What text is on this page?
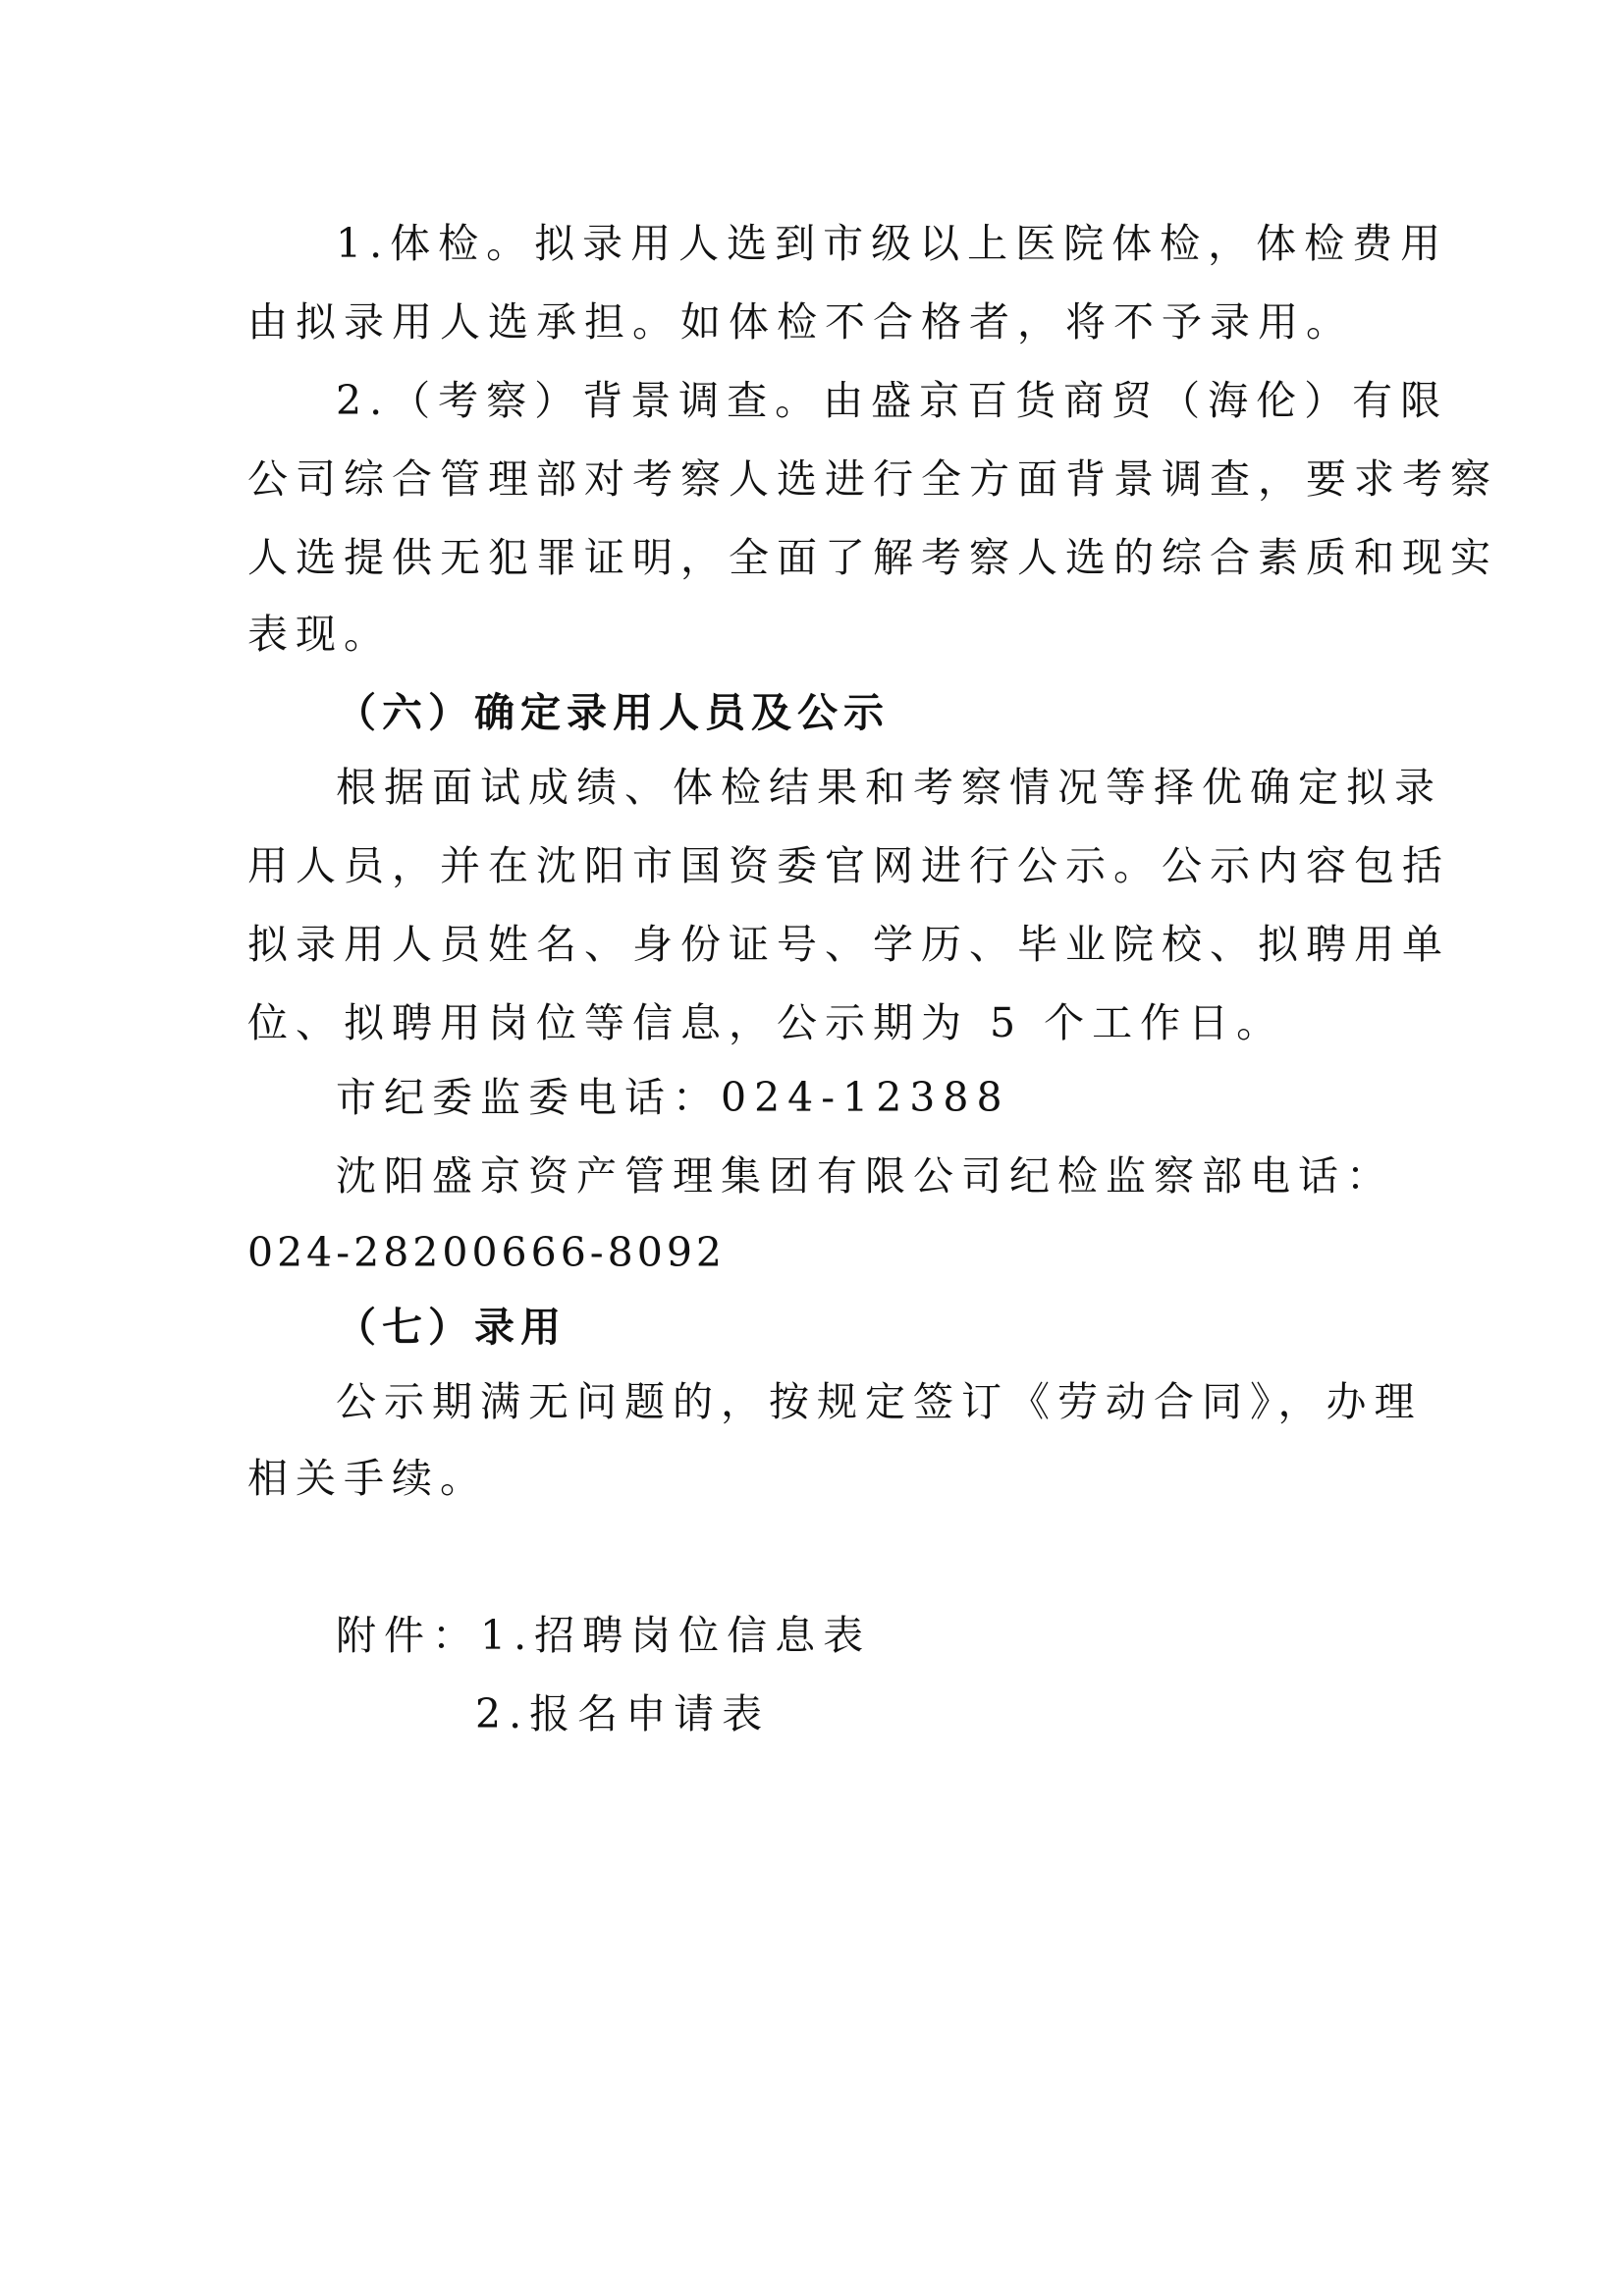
1.体检。拟录用人选到市级以上医院体检，体检费用
由拟录用人选承担。如体检不合格者，将不予录用。
2.（考察）背景调查。由盛京百货商贸（海伦）有限
公司综合管理部对考察人选进行全方面背景调查，要求考察
人选提供无犯罪证明，全面了解考察人选的综合素质和现实
表现。
（六）确定录用人员及公示
根据面试成绩、体检结果和考察情况等择优确定拟录
用人员，并在沈阳市国资委官网进行公示。公示内容包括
拟录用人员姓名、身份证号、学历、毕业院校、拟聘用单
位、拟聘用岗位等信息，公示期为 5 个工作日。
市纪委监委电话：024-12388
沈阳盛京资产管理集团有限公司纪检监察部电话：
024-28200666-8092
（七）录用
公示期满无问题的，按规定签订《劳动合同》，办理
相关手续。
附件：1.招聘岗位信息表
2.报名申请表
